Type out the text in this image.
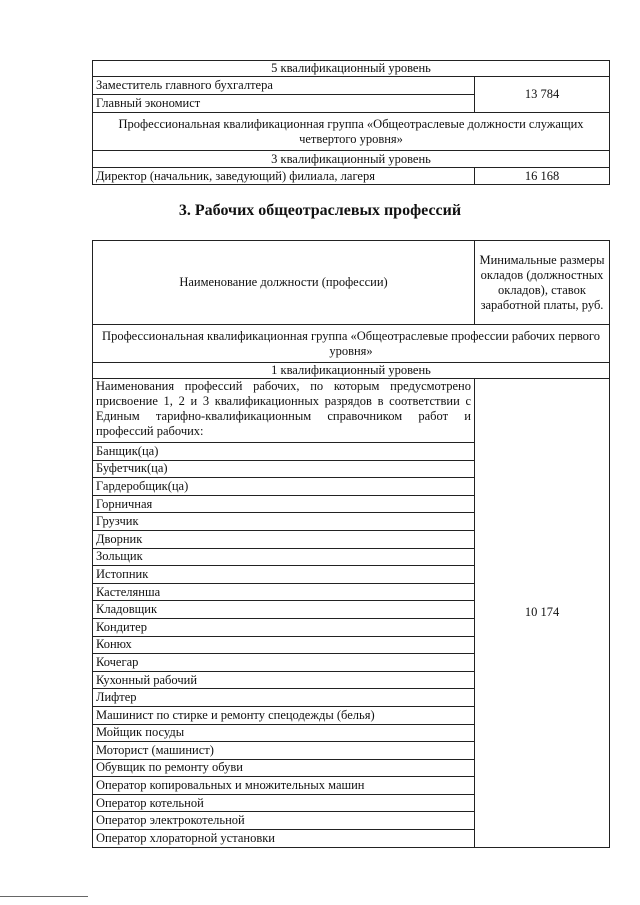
5 квалификационный уровень	
Заместитель главного бухгалтера	13 784
Главный экономист	
Профессиональная квалификационная группа «Общеотраслевые должности служащих четвертого уровня»	
3 квалификационный уровень	
Директор (начальник, заведующий) филиала, лагеря	16 168
3. Рабочих общеотраслевых профессий
Наименование должности (профессии)	Минимальные размеры окладов (должностных окладов), ставок заработной платы, руб.
Профессиональная квалификационная группа «Общеотраслевые профессии рабочих первого уровня»	
1 квалификационный уровень	
Наименования профессий рабочих, по которым предусмотрено присвоение 1, 2 и 3 квалификационных разрядов в соответствии с Единым тарифно-квалификационным справочником работ и профессий рабочих:	10 174
Банщик(ца)	
Буфетчик(ца)	
Гардеробщик(ца)	
Горничная	
Грузчик	
Дворник	
Зольщик	
Истопник	
Кастелянша	
Кладовщик	
Кондитер	
Конюх	
Кочегар	
Кухонный рабочий	
Лифтер	
Машинист по стирке и ремонту спецодежды (белья)	
Мойщик посуды	
Моторист (машинист)	
Обувщик по ремонту обуви	
Оператор копировальных и множительных машин	
Оператор котельной	
Оператор электрокотельной	
Оператор хлораторной установки	
